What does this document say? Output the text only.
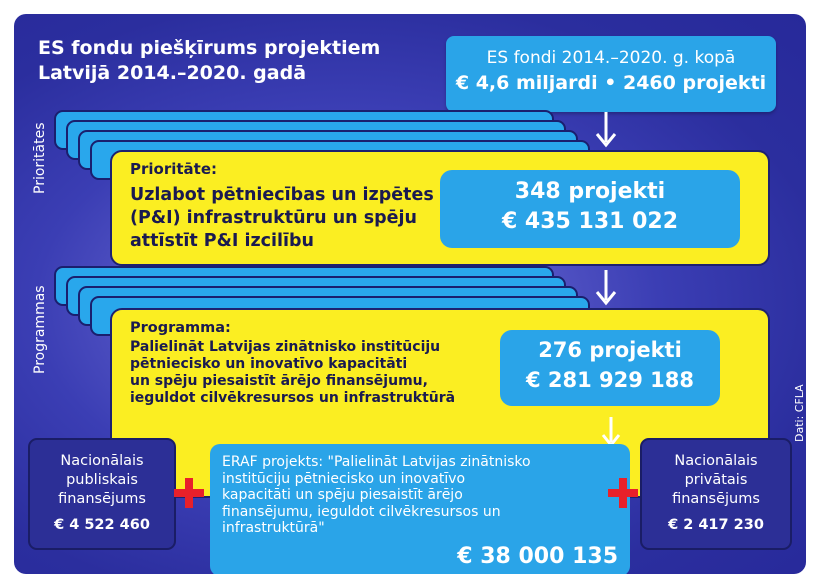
ES fondu piešķīrums projektiem
Latvijā 2014.–2020. gadā
ES fondi 2014.–2020. g. kopā
€ 4,6 miljardi • 2460 projekti
Prioritātes
Programmas
Prioritāte:
Uzlabot pētniecības un izpētes
(P&I) infrastruktūru un spēju
attīstīt P&I izcilību
348 projekti
€ 435 131 022
Programma:
Palielināt Latvijas zinātnisko institūciju
pētniecisko un inovatīvo kapacitāti
un spēju piesaistīt ārējo finansējumu,
ieguldot cilvēkresursos un infrastruktūrā
276 projekti
€ 281 929 188
Nacionālais
publiskais
finansējums
€ 4 522 460
ERAF projekts: "Palielināt Latvijas zinātnisko
institūciju pētniecisko un inovatīvo
kapacitāti un spēju piesaistīt ārējo
finansējumu, ieguldot cilvēkresursos un
infrastruktūrā"
€ 38 000 135
Nacionālais
privātais
finansējums
€ 2 417 230
Dati: CFLA
